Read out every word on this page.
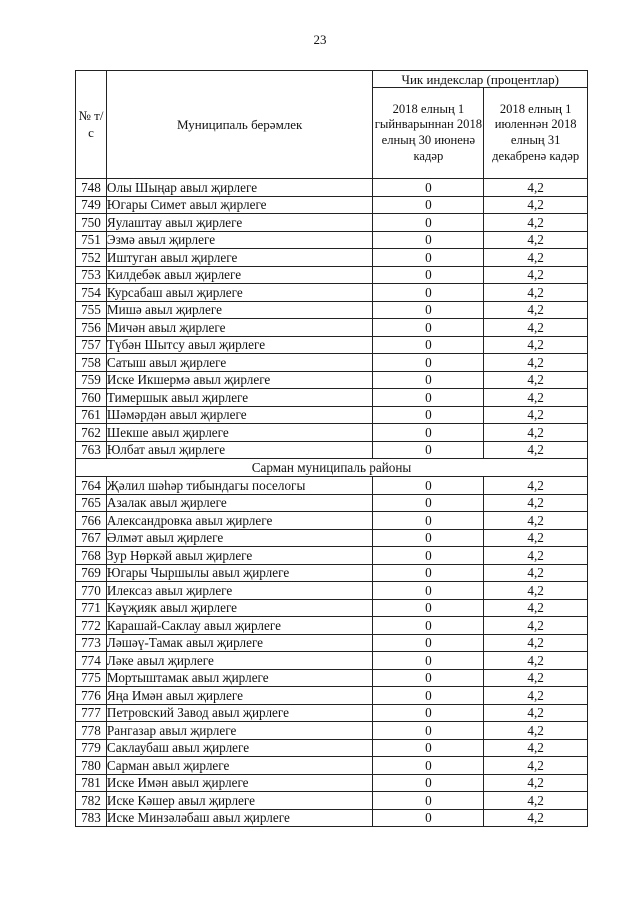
23
№ т/с	Муниципаль берәмлек	Чик индекслар (процентлар)	
		2018 елның 1 гыйнварыннан 2018 елның 30 июненә кадәр	2018 елның 1 июленнән 2018 елның 31 декабренә кадәр
748	Олы Шыңар авыл җирлеге	0	4,2
749	Югары Симет авыл җирлеге	0	4,2
750	Яулаштау авыл җирлеге	0	4,2
751	Эзмә авыл җирлеге	0	4,2
752	Иштуган авыл җирлеге	0	4,2
753	Килдебәк авыл җирлеге	0	4,2
754	Курсабаш авыл җирлеге	0	4,2
755	Мишә авыл җирлеге	0	4,2
756	Мичән авыл җирлеге	0	4,2
757	Түбән Шытсу авыл җирлеге	0	4,2
758	Сатыш авыл җирлеге	0	4,2
759	Иске Икшермә авыл җирлеге	0	4,2
760	Тимершык авыл җирлеге	0	4,2
761	Шәмәрдән авыл җирлеге	0	4,2
762	Шекше авыл җирлеге	0	4,2
763	Юлбат авыл җирлеге	0	4,2
Сарман муниципаль районы			
764	Җәлил шәһәр тибындагы поселогы	0	4,2
765	Азалак авыл җирлеге	0	4,2
766	Александровка авыл җирлеге	0	4,2
767	Әлмәт авыл җирлеге	0	4,2
768	Зур Нөркәй авыл җирлеге	0	4,2
769	Югары Чыршылы авыл җирлеге	0	4,2
770	Илексаз авыл җирлеге	0	4,2
771	Кәүҗияк авыл җирлеге	0	4,2
772	Карашай-Саклау авыл җирлеге	0	4,2
773	Ләшәү-Тамак авыл җирлеге	0	4,2
774	Ләке авыл җирлеге	0	4,2
775	Мортыштамак авыл җирлеге	0	4,2
776	Яңа Имән авыл җирлеге	0	4,2
777	Петровский Завод авыл җирлеге	0	4,2
778	Рангазар авыл җирлеге	0	4,2
779	Саклаубаш авыл җирлеге	0	4,2
780	Сарман авыл җирлеге	0	4,2
781	Иске Имән авыл җирлеге	0	4,2
782	Иске Кәшер авыл җирлеге	0	4,2
783	Иске Минзәләбаш авыл җирлеге	0	4,2
